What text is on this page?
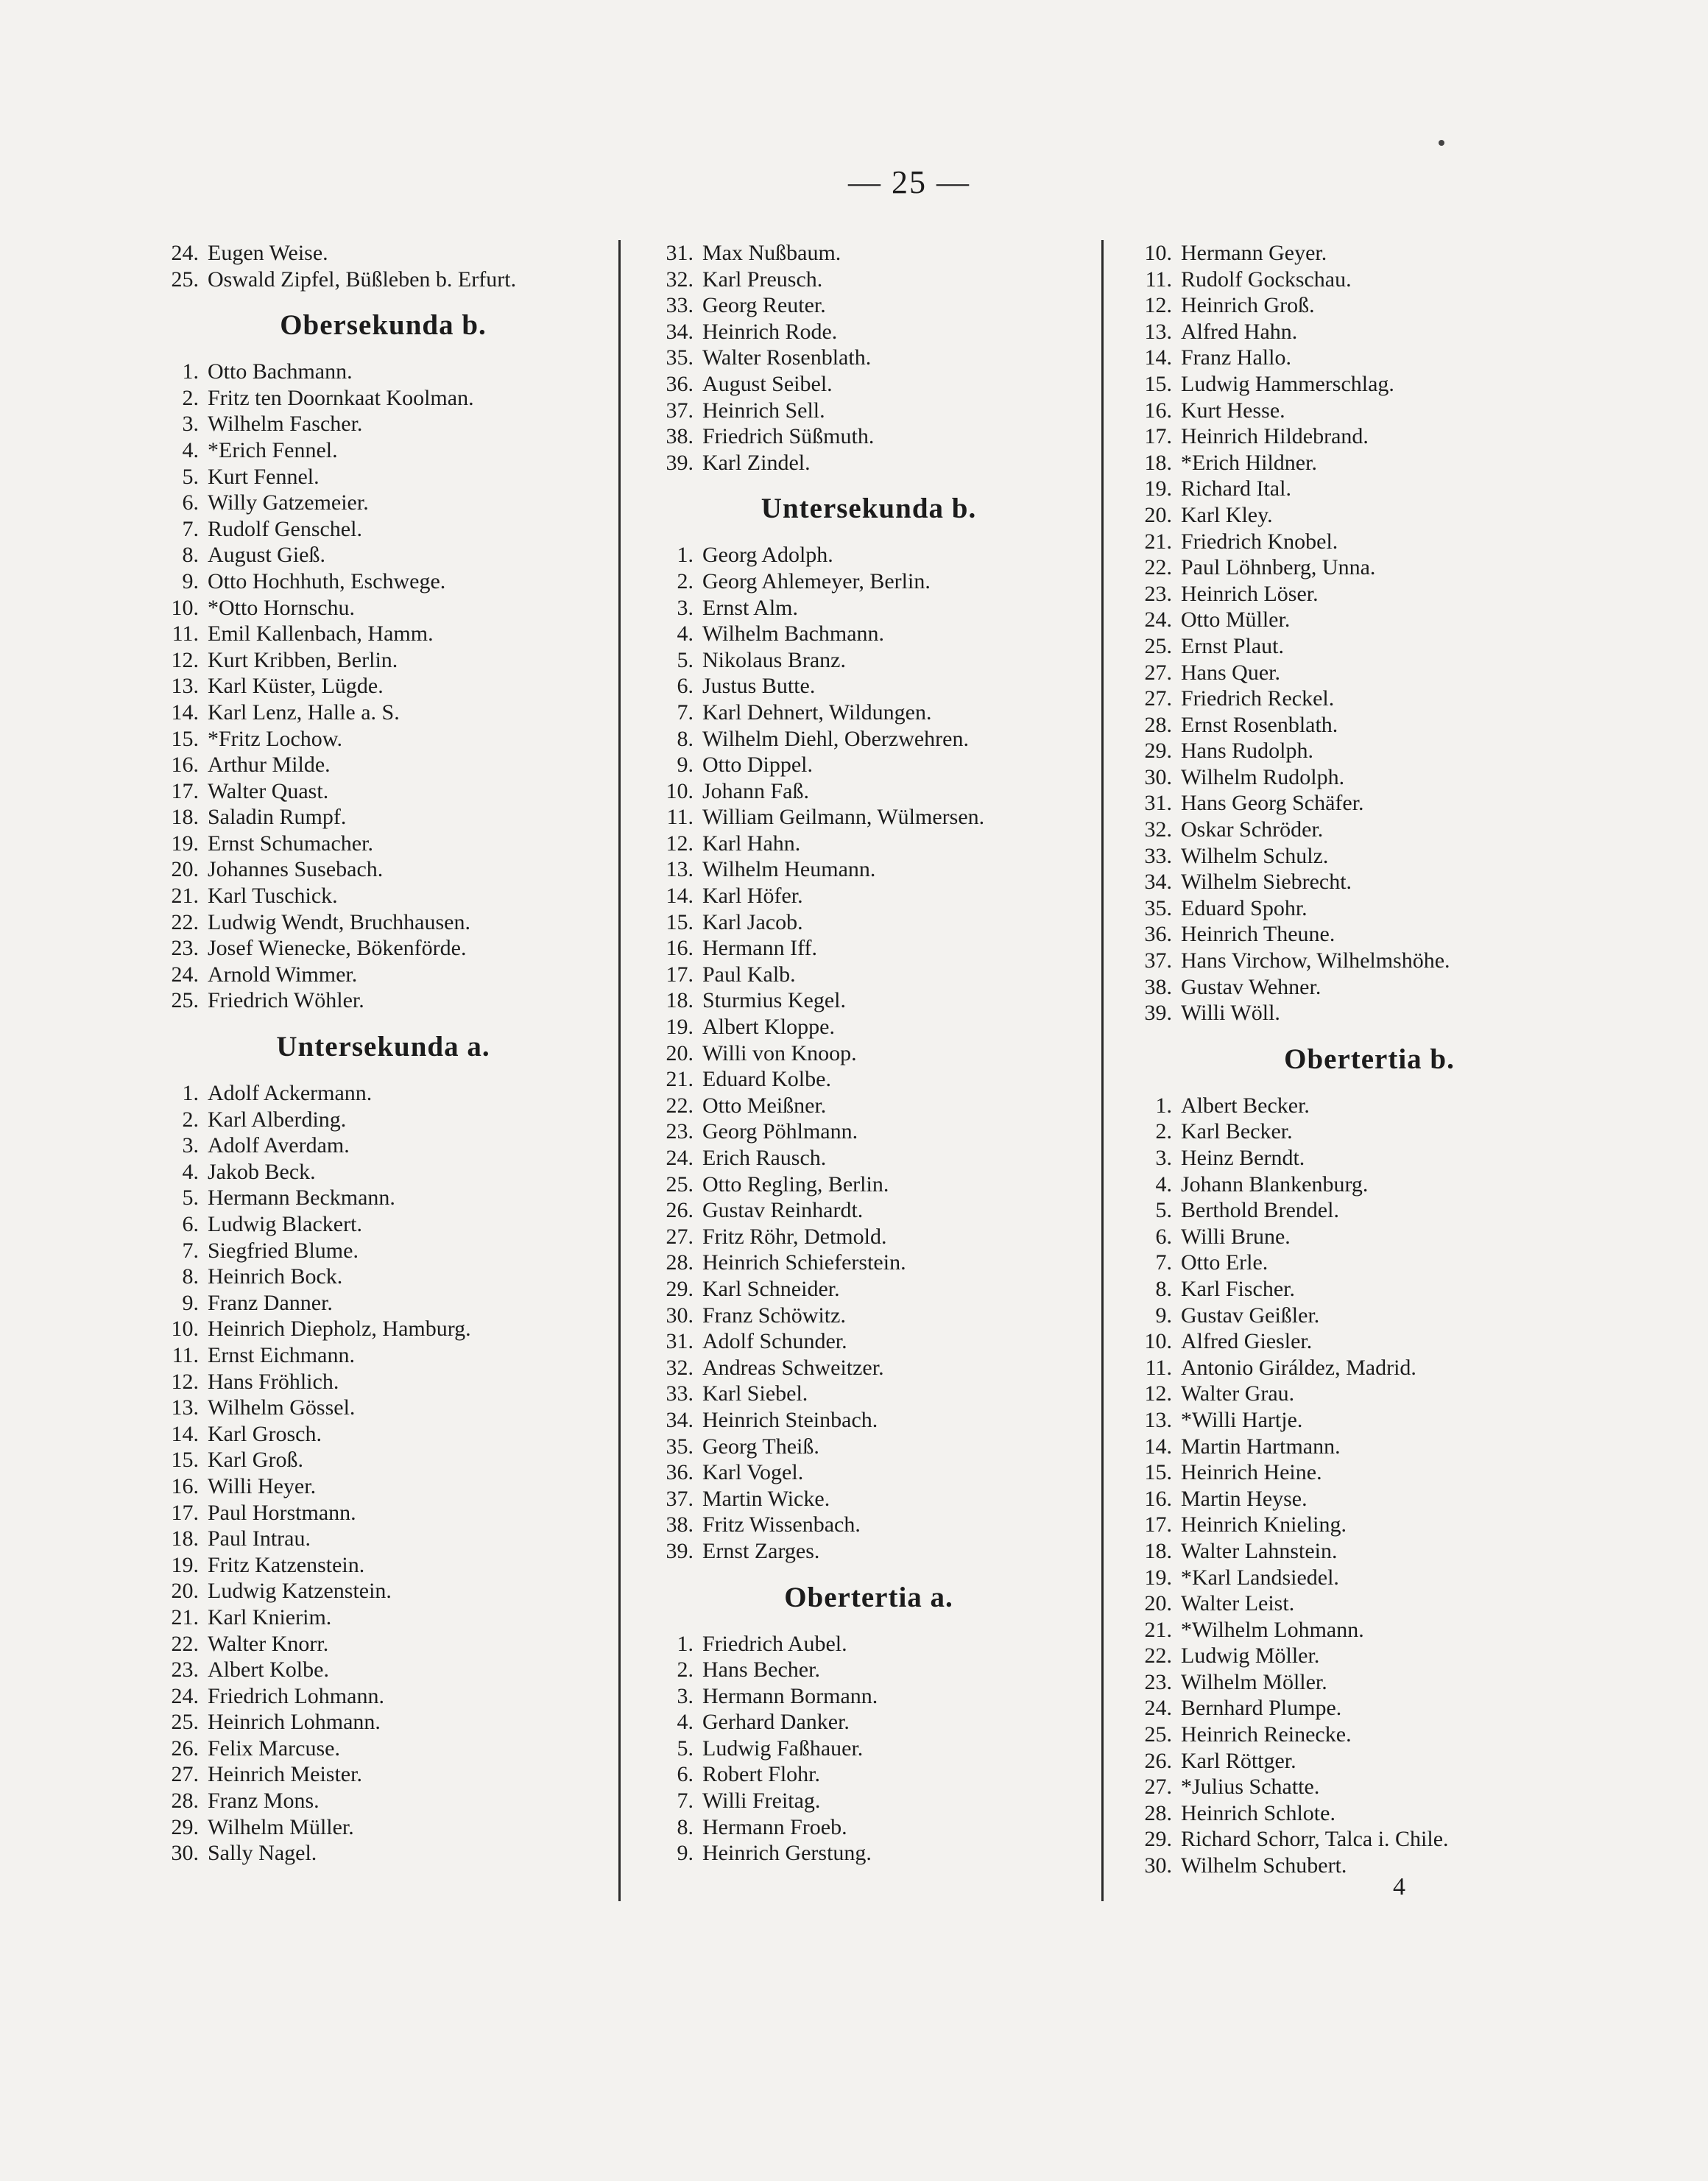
— 25 —
24. Eugen Weise.
25. Oswald Zipfel, Büßleben b. Erfurt.
Obersekunda b.
1. Otto Bachmann.
2. Fritz ten Doornkaat Koolman.
3. Wilhelm Fascher.
4. *Erich Fennel.
5. Kurt Fennel.
6. Willy Gatzemeier.
7. Rudolf Genschel.
8. August Gieß.
9. Otto Hochhuth, Eschwege.
10. *Otto Hornschu.
11. Emil Kallenbach, Hamm.
12. Kurt Kribben, Berlin.
13. Karl Küster, Lügde.
14. Karl Lenz, Halle a. S.
15. *Fritz Lochow.
16. Arthur Milde.
17. Walter Quast.
18. Saladin Rumpf.
19. Ernst Schumacher.
20. Johannes Susebach.
21. Karl Tuschick.
22. Ludwig Wendt, Bruchhausen.
23. Josef Wienecke, Bökenförde.
24. Arnold Wimmer.
25. Friedrich Wöhler.
Untersekunda a.
1. Adolf Ackermann.
2. Karl Alberding.
3. Adolf Averdam.
4. Jakob Beck.
5. Hermann Beckmann.
6. Ludwig Blackert.
7. Siegfried Blume.
8. Heinrich Bock.
9. Franz Danner.
10. Heinrich Diepholz, Hamburg.
11. Ernst Eichmann.
12. Hans Fröhlich.
13. Wilhelm Gössel.
14. Karl Grosch.
15. Karl Groß.
16. Willi Heyer.
17. Paul Horstmann.
18. Paul Intrau.
19. Fritz Katzenstein.
20. Ludwig Katzenstein.
21. Karl Knierim.
22. Walter Knorr.
23. Albert Kolbe.
24. Friedrich Lohmann.
25. Heinrich Lohmann.
26. Felix Marcuse.
27. Heinrich Meister.
28. Franz Mons.
29. Wilhelm Müller.
30. Sally Nagel.
31. Max Nußbaum.
32. Karl Preusch.
33. Georg Reuter.
34. Heinrich Rode.
35. Walter Rosenblath.
36. August Seibel.
37. Heinrich Sell.
38. Friedrich Süßmuth.
39. Karl Zindel.
Untersekunda b.
1. Georg Adolph.
2. Georg Ahlemeyer, Berlin.
3. Ernst Alm.
4. Wilhelm Bachmann.
5. Nikolaus Branz.
6. Justus Butte.
7. Karl Dehnert, Wildungen.
8. Wilhelm Diehl, Oberzwehren.
9. Otto Dippel.
10. Johann Faß.
11. William Geilmann, Wülmersen.
12. Karl Hahn.
13. Wilhelm Heumann.
14. Karl Höfer.
15. Karl Jacob.
16. Hermann Iff.
17. Paul Kalb.
18. Sturmius Kegel.
19. Albert Kloppe.
20. Willi von Knoop.
21. Eduard Kolbe.
22. Otto Meißner.
23. Georg Pöhlmann.
24. Erich Rausch.
25. Otto Regling, Berlin.
26. Gustav Reinhardt.
27. Fritz Röhr, Detmold.
28. Heinrich Schieferstein.
29. Karl Schneider.
30. Franz Schöwitz.
31. Adolf Schunder.
32. Andreas Schweitzer.
33. Karl Siebel.
34. Heinrich Steinbach.
35. Georg Theiß.
36. Karl Vogel.
37. Martin Wicke.
38. Fritz Wissenbach.
39. Ernst Zarges.
Obertertia a.
1. Friedrich Aubel.
2. Hans Becher.
3. Hermann Bormann.
4. Gerhard Danker.
5. Ludwig Faßhauer.
6. Robert Flohr.
7. Willi Freitag.
8. Hermann Froeb.
9. Heinrich Gerstung.
10. Hermann Geyer.
11. Rudolf Gockschau.
12. Heinrich Groß.
13. Alfred Hahn.
14. Franz Hallo.
15. Ludwig Hammerschlag.
16. Kurt Hesse.
17. Heinrich Hildebrand.
18. *Erich Hildner.
19. Richard Ital.
20. Karl Kley.
21. Friedrich Knobel.
22. Paul Löhnberg, Unna.
23. Heinrich Löser.
24. Otto Müller.
25. Ernst Plaut.
27. Hans Quer.
27. Friedrich Reckel.
28. Ernst Rosenblath.
29. Hans Rudolph.
30. Wilhelm Rudolph.
31. Hans Georg Schäfer.
32. Oskar Schröder.
33. Wilhelm Schulz.
34. Wilhelm Siebrecht.
35. Eduard Spohr.
36. Heinrich Theune.
37. Hans Virchow, Wilhelmshöhe.
38. Gustav Wehner.
39. Willi Wöll.
Obertertia b.
1. Albert Becker.
2. Karl Becker.
3. Heinz Berndt.
4. Johann Blankenburg.
5. Berthold Brendel.
6. Willi Brune.
7. Otto Erle.
8. Karl Fischer.
9. Gustav Geißler.
10. Alfred Giesler.
11. Antonio Giráldez, Madrid.
12. Walter Grau.
13. *Willi Hartje.
14. Martin Hartmann.
15. Heinrich Heine.
16. Martin Heyse.
17. Heinrich Knieling.
18. Walter Lahnstein.
19. *Karl Landsiedel.
20. Walter Leist.
21. *Wilhelm Lohmann.
22. Ludwig Möller.
23. Wilhelm Möller.
24. Bernhard Plumpe.
25. Heinrich Reinecke.
26. Karl Röttger.
27. *Julius Schatte.
28. Heinrich Schlote.
29. Richard Schorr, Talca i. Chile.
30. Wilhelm Schubert.
4
